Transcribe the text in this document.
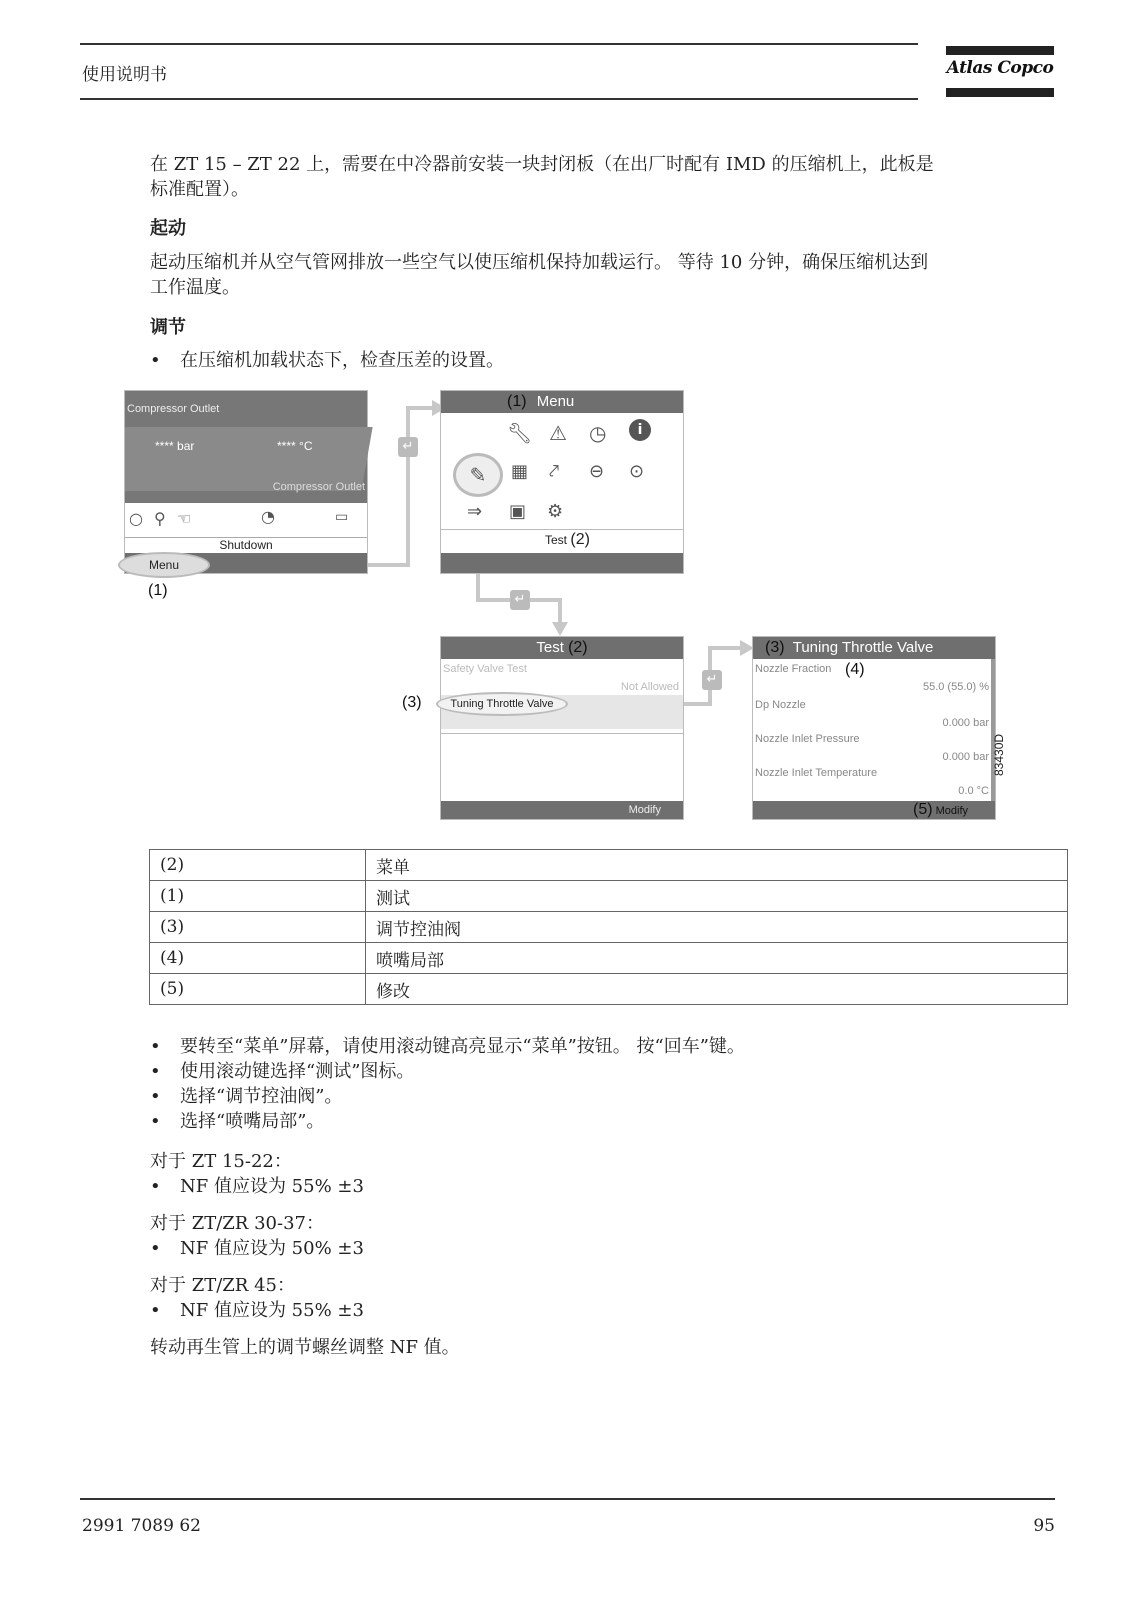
使用说明书	Atlas Copco
在 ZT 15 – ZT 22 上，需要在中冷器前安装一块封闭板（在出厂时配有 IMD 的压缩机上，此板是
标准配置）。
起动
起动压缩机并从空气管网排放一些空气以使压缩机保持加载运行。 等待 10 分钟，确保压缩机达到
工作温度。
调节
• 在压缩机加载状态下，检查压差的设置。
↵
↵
↵
Compressor Outlet
**** bar	**** °C
Compressor Outlet
○ ⚲ ☜	◔	▭
Shutdown
Menu
(1)
(1) Menu
🔧︎ ⚠ ◷	i
✎	▦ ⤤ ⊖ ⊙
⇒ ▣ ⚙
Test (2)
Test (2)
Safety Valve Test
Not Allowed
Modify
Tuning Throttle Valve
(3)
(3) Tuning Throttle Valve
Nozzle Fraction (4)
55.0 (55.0) %
Dp Nozzle
0.000 bar
Nozzle Inlet Pressure
0.000 bar
Nozzle Inlet Temperature
0.0 °C
(5) Modify
83430D
(2)	菜单
(1)	测试
(3)	调节控油阀
(4)	喷嘴局部
(5)	修改
• 要转至“菜单”屏幕，请使用滚动键高亮显示“菜单”按钮。 按“回车”键。
• 使用滚动键选择“测试”图标。
• 选择“调节控油阀”。
• 选择“喷嘴局部”。
对于 ZT 15-22：
• NF 值应设为 55% ±3
对于 ZT/ZR 30-37：
• NF 值应设为 50% ±3
对于 ZT/ZR 45：
• NF 值应设为 55% ±3
转动再生管上的调节螺丝调整 NF 值。
2991 7089 62	95
